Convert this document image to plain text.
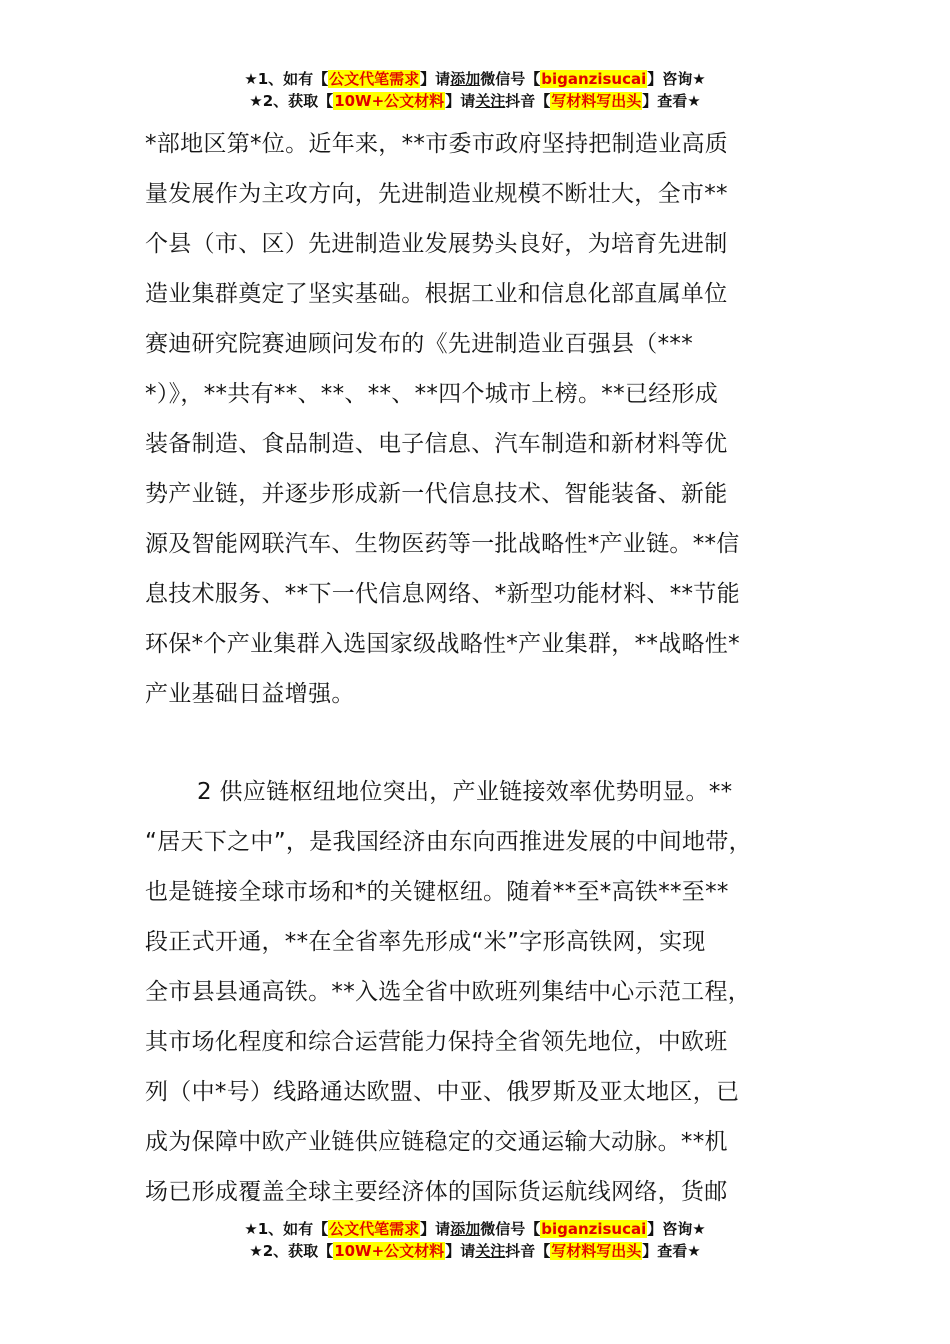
★1、如有【公文代笔需求】请添加微信号【biganzisucai】咨询★
★2、获取【10W+公文材料】请关注抖音【写材料写出头】查看★
*部地区第*位。近年来，**市委市政府坚持把制造业高质
量发展作为主攻方向，先进制造业规模不断壮大，全市**
个县（市、区）先进制造业发展势头良好，为培育先进制
造业集群奠定了坚实基础。根据工业和信息化部直属单位
赛迪研究院赛迪顾问发布的《先进制造业百强县（***
*）》，**共有**、**、**、**四个城市上榜。**已经形成
装备制造、食品制造、电子信息、汽车制造和新材料等优
势产业链，并逐步形成新一代信息技术、智能装备、新能
源及智能网联汽车、生物医药等一批战略性*产业链。**信
息技术服务、**下一代信息网络、*新型功能材料、**节能
环保*个产业集群入选国家级战略性*产业集群，**战略性*
产业基础日益增强。
2 供应链枢纽地位突出，产业链接效率优势明显。**
“居天下之中”，是我国经济由东向西推进发展的中间地带，
也是链接全球市场和*的关键枢纽。随着**至*高铁**至**
段正式开通，**在全省率先形成“米”字形高铁网，实现
全市县县通高铁。**入选全省中欧班列集结中心示范工程，
其市场化程度和综合运营能力保持全省领先地位，中欧班
列（中*号）线路通达欧盟、中亚、俄罗斯及亚太地区，已
成为保障中欧产业链供应链稳定的交通运输大动脉。**机
场已形成覆盖全球主要经济体的国际货运航线网络，货邮
★1、如有【公文代笔需求】请添加微信号【biganzisucai】咨询★
★2、获取【10W+公文材料】请关注抖音【写材料写出头】查看★
